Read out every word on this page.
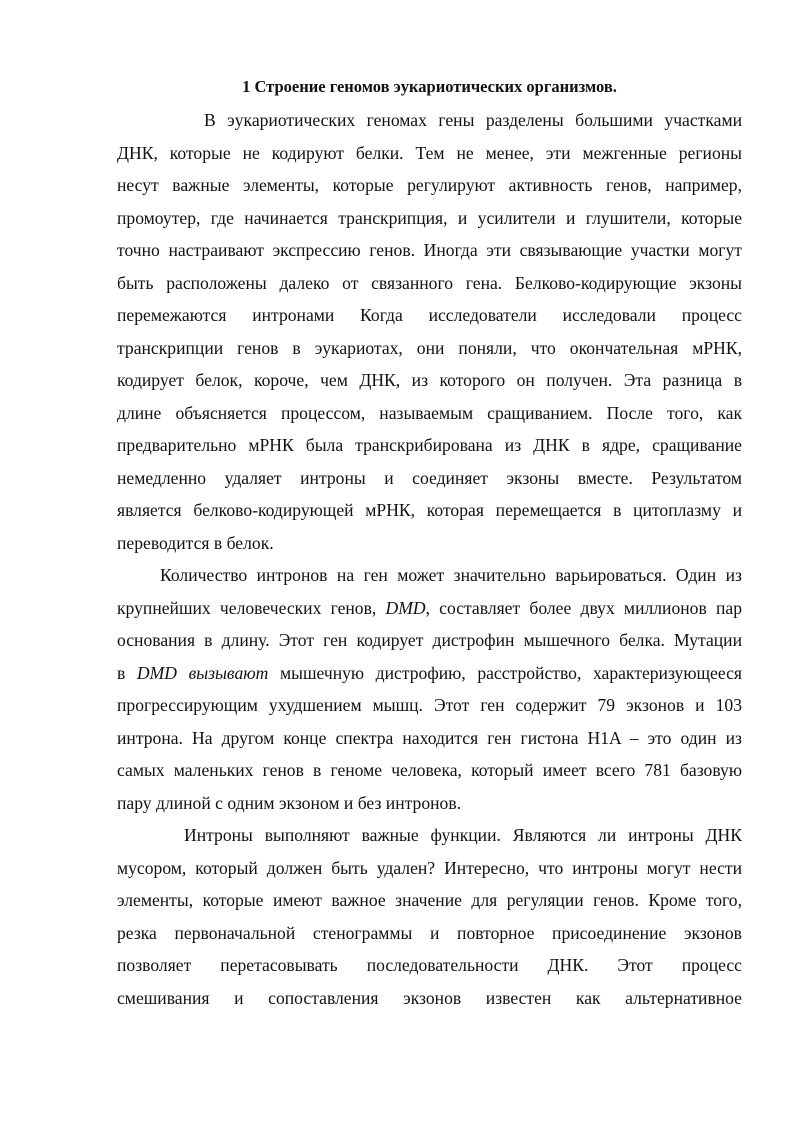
1 Строение геномов эукариотических организмов.
В эукариотических геномах гены разделены большими участками
ДНК, которые не кодируют белки. Тем не менее, эти межгенные регионы
несут важные элементы, которые регулируют активность генов, например,
промоутер, где начинается транскрипция, и усилители и глушители, которые
точно настраивают экспрессию генов. Иногда эти связывающие участки могут
быть расположены далеко от связанного гена. Белково-кодирующие экзоны
перемежаются интронами Когда исследователи исследовали процесс
транскрипции генов в эукариотах, они поняли, что окончательная мРНК,
кодирует белок, короче, чем ДНК, из которого он получен. Эта разница в
длине объясняется процессом, называемым сращиванием. После того, как
предварительно мРНК была транскрибирована из ДНК в ядре, сращивание
немедленно удаляет интроны и соединяет экзоны вместе. Результатом
является белково-кодирующей мРНК, которая перемещается в цитоплазму и
переводится в белок.
Количество интронов на ген может значительно варьироваться. Один из
крупнейших человеческих генов, DMD, составляет более двух миллионов пар
основания в длину. Этот ген кодирует дистрофин мышечного белка. Мутации
в DMD вызывают мышечную дистрофию, расстройство, характеризующееся
прогрессирующим ухудшением мышц. Этот ген содержит 79 экзонов и 103
интрона. На другом конце спектра находится ген гистона H1A – это один из
самых маленьких генов в геноме человека, который имеет всего 781 базовую
пару длиной с одним экзоном и без интронов.
Интроны выполняют важные функции. Являются ли интроны ДНК
мусором, который должен быть удален? Интересно, что интроны могут нести
элементы, которые имеют важное значение для регуляции генов. Кроме того,
резка первоначальной стенограммы и повторное присоединение экзонов
позволяет перетасовывать последовательности ДНК. Этот процесс
смешивания и сопоставления экзонов известен как альтернативное
